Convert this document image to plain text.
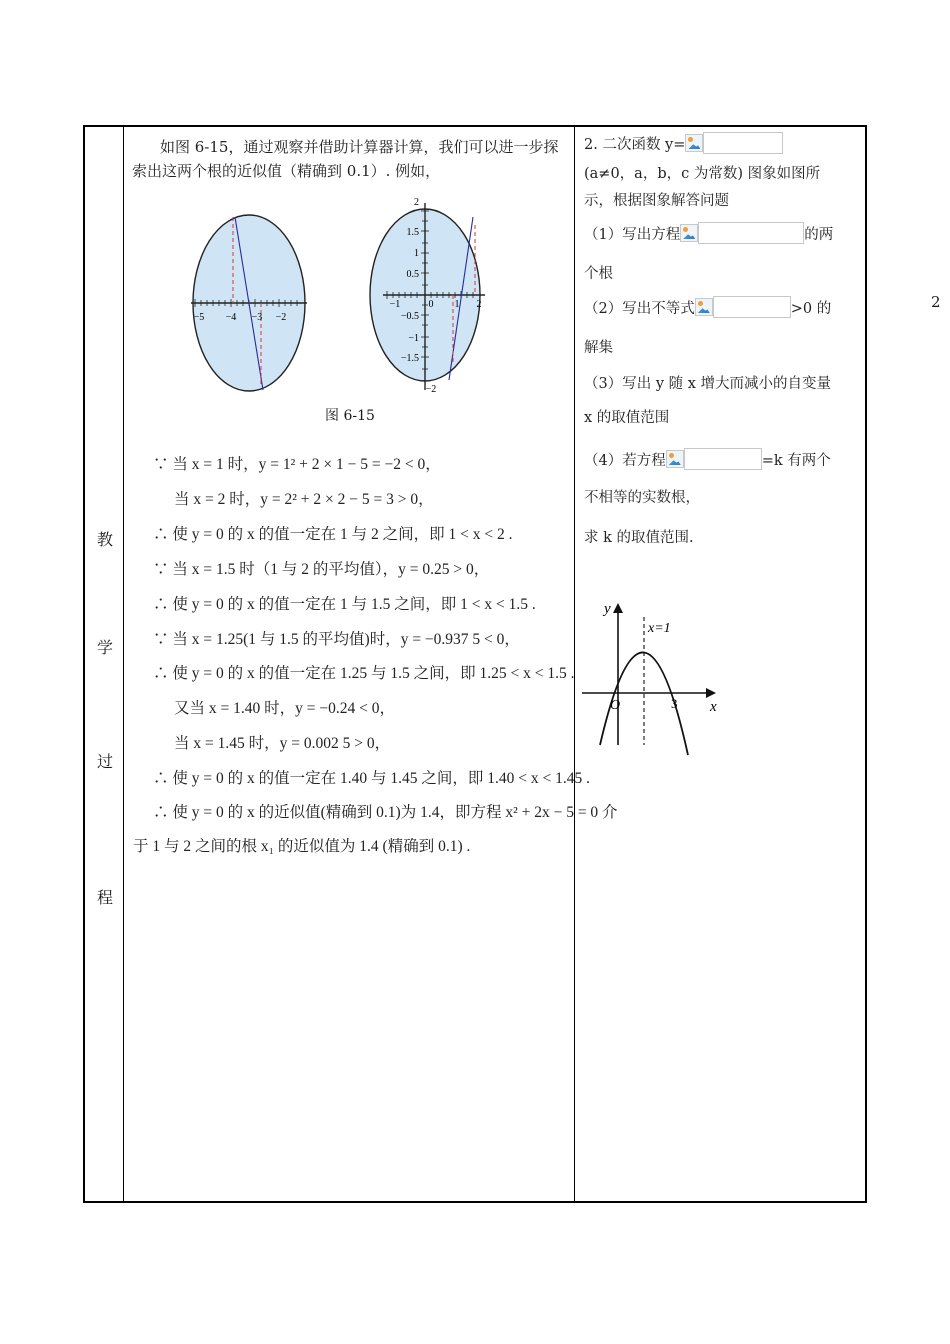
2
教
学
过
程

如图 6-15，通过观察并借助计算器计算，我们可以进一步探索出这两个根的近似值（精确到 0.1）. 例如，

−5 −4 −3 −2
−1	0 1 2
2
1.5
1
0.5
−0.5
−1
−1.5
−2
图 6-15
∵ 当 x = 1 时，y = 1² + 2 × 1 − 5 = −2 < 0，
当 x = 2 时，y = 2² + 2 × 2 − 5 = 3 > 0，
∴ 使 y = 0 的 x 的值一定在 1 与 2 之间，即 1 < x < 2 .
∵ 当 x = 1.5 时（1 与 2 的平均值），y = 0.25 > 0，
∴ 使 y = 0 的 x 的值一定在 1 与 1.5 之间，即 1 < x < 1.5 .
∵ 当 x = 1.25(1 与 1.5 的平均值)时，y = −0.937 5 < 0，
∴ 使 y = 0 的 x 的值一定在 1.25 与 1.5 之间，即 1.25 < x < 1.5 .
又当 x = 1.40 时，y = −0.24 < 0，
当 x = 1.45 时，y = 0.002 5 > 0，
∴ 使 y = 0 的 x 的值一定在 1.40 与 1.45 之间，即 1.40 < x < 1.45 .
∴ 使 y = 0 的 x 的近似值(精确到 0.1)为 1.4，即方程 x² + 2x − 5 = 0 介
于 1 与 2 之间的根 x₁ 的近似值为 1.4 (精确到 0.1) .
2. 二次函数 y=
(a≠0，a，b，c 为常数) 图象如图所
示，根据图象解答问题
（1）写出方程	的两
个根
（2）写出不等式	>0 的
解集
（3）写出 y 随 x 增大而减小的自变量
x 的取值范围
（4）若方程	=k 有两个
不相等的实数根，
求 k 的取值范围.
y
x
O	3
x=1
